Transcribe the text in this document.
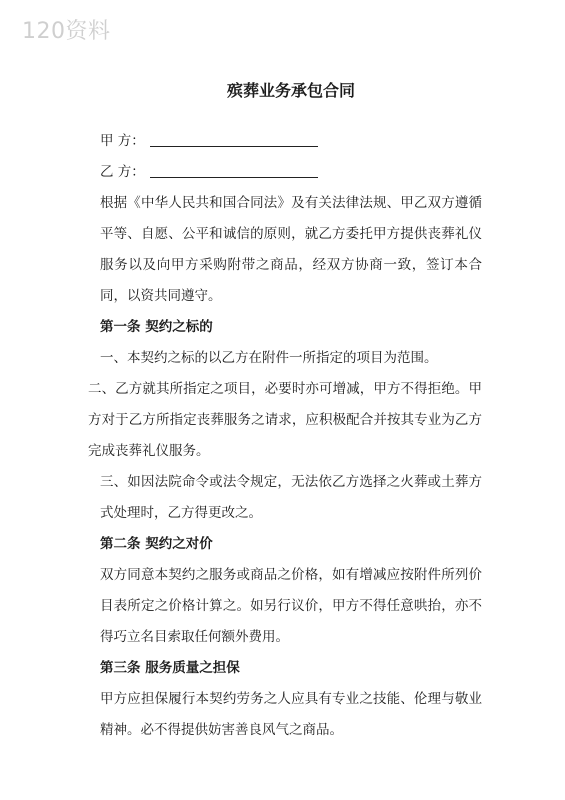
120资料
殡葬业务承包合同
甲 方：
乙 方：

根据《中华人民共和国合同法》及有关法律法规、甲乙双方遵循平等、自愿、公平和诚信的原则，就乙方委托甲方提供丧葬礼仪服务以及向甲方采购附带之商品，经双方协商一致，签订本合同，以资共同遵守。

第一条 契约之标的

一、本契约之标的以乙方在附件一所指定的项目为范围。

二、乙方就其所指定之项目，必要时亦可增减，甲方不得拒绝。甲方对于乙方所指定丧葬服务之请求，应积极配合并按其专业为乙方完成丧葬礼仪服务。

三、如因法院命令或法令规定，无法依乙方选择之火葬或土葬方式处理时，乙方得更改之。

第二条 契约之对价

双方同意本契约之服务或商品之价格，如有增减应按附件所列价目表所定之价格计算之。如另行议价，甲方不得任意哄抬，亦不得巧立名目索取任何额外费用。

第三条 服务质量之担保

甲方应担保履行本契约劳务之人应具有专业之技能、伦理与敬业精神。必不得提供妨害善良风气之商品。
